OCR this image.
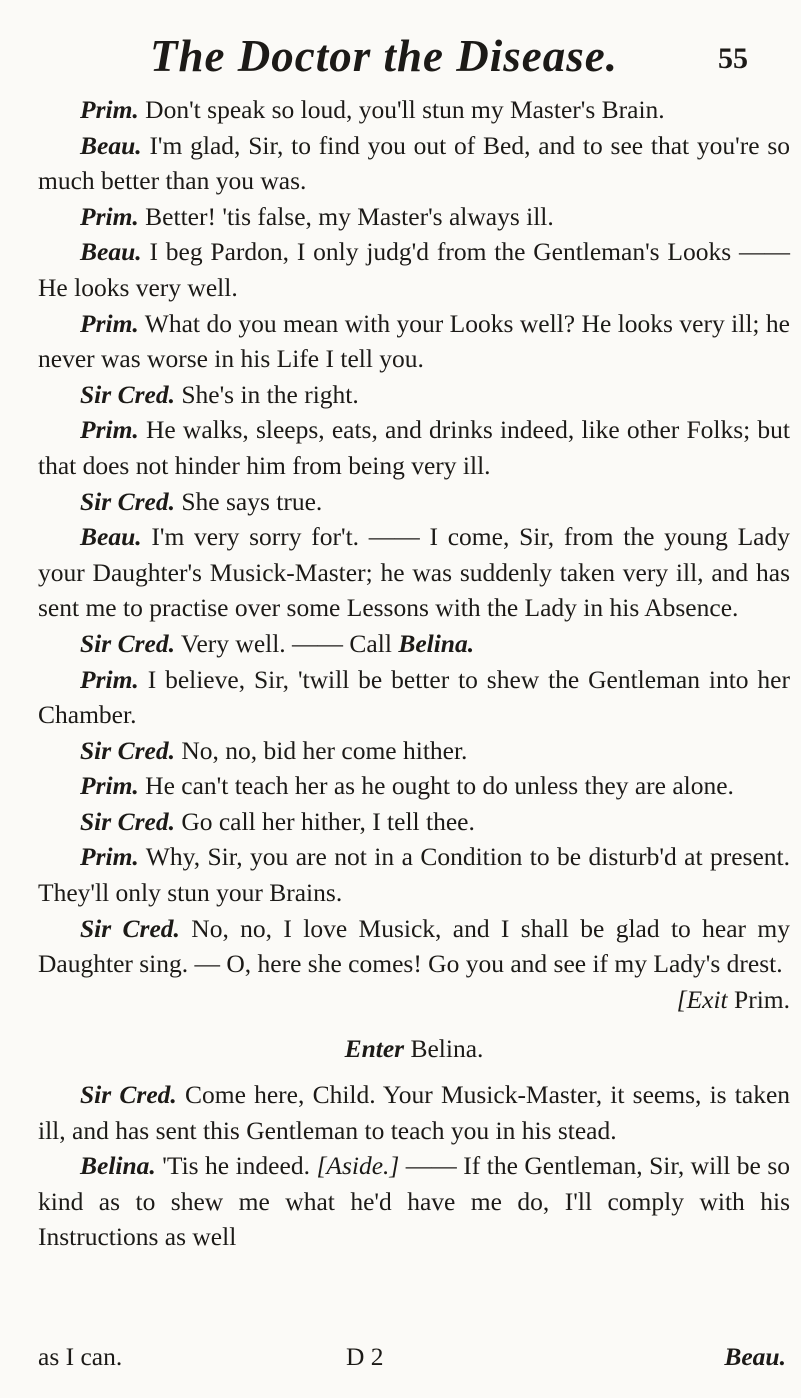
The Doctor the Disease.	55

Prim. Don't speak so loud, you'll stun my Master's Brain.

Beau. I'm glad, Sir, to find you out of Bed, and to see that you're so much better than you was.

Prim. Better! 'tis false, my Master's always ill.

Beau. I beg Pardon, I only judg'd from the Gentleman's Looks —— He looks very well.

Prim. What do you mean with your Looks well? He looks very ill; he never was worse in his Life I tell you.

Sir Cred. She's in the right.

Prim. He walks, sleeps, eats, and drinks indeed, like other Folks; but that does not hinder him from being very ill.

Sir Cred. She says true.

Beau. I'm very sorry for't. —— I come, Sir, from the young Lady your Daughter's Musick-Master; he was suddenly taken very ill, and has sent me to practise over some Lessons with the Lady in his Absence.

Sir Cred. Very well. —— Call Belina.

Prim. I believe, Sir, 'twill be better to shew the Gentleman into her Chamber.

Sir Cred. No, no, bid her come hither.

Prim. He can't teach her as he ought to do unless they are alone.

Sir Cred. Go call her hither, I tell thee.

Prim. Why, Sir, you are not in a Condition to be disturb'd at present. They'll only stun your Brains.

Sir Cred. No, no, I love Musick, and I shall be glad to hear my Daughter sing. — O, here she comes! Go you and see if my Lady's drest.

[Exit Prim.

Enter Belina.

Sir Cred. Come here, Child. Your Musick-Master, it seems, is taken ill, and has sent this Gentleman to teach you in his stead.

Belina. 'Tis he indeed. [Aside.] —— If the Gentleman, Sir, will be so kind as to shew me what he'd have me do, I'll comply with his Instructions as well

as I can.	D 2	Beau.
